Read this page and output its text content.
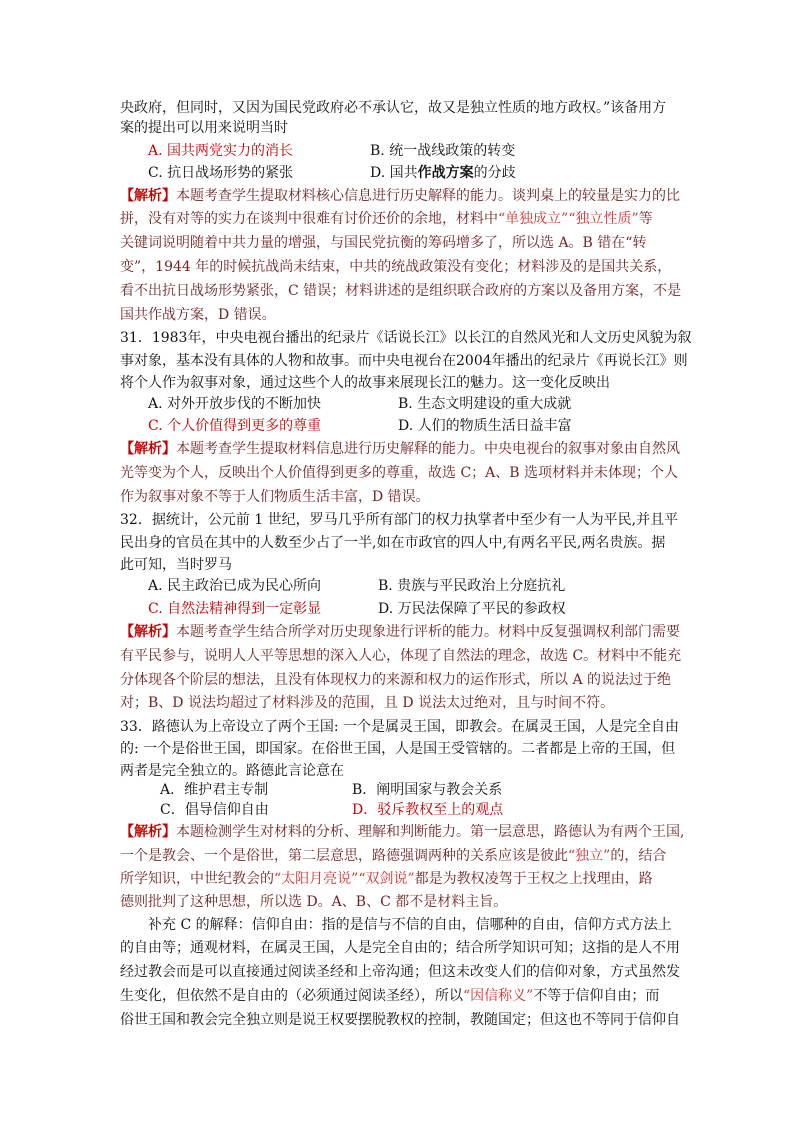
央政府，但同时，又因为国民党政府必不承认它，故又是独立性质的地方政权。”该备用方
案的提出可以用来说明当时
A. 国共两党实力的消长	B. 统一战线政策的转变
C. 抗日战场形势的紧张	D. 国共作战方案的分歧
【解析】本题考查学生提取材料核心信息进行历史解释的能力。谈判桌上的较量是实力的比
拼，没有对等的实力在谈判中很难有讨价还价的余地，材料中“单独成立”“独立性质”等
关键词说明随着中共力量的增强，与国民党抗衡的筹码增多了，所以选 A。B 错在“转
变”，1944 年的时候抗战尚未结束，中共的统战政策没有变化；材料涉及的是国共关系，
看不出抗日战场形势紧张，C 错误；材料讲述的是组织联合政府的方案以及备用方案，不是
国共作战方案，D 错误。
31．1983年，中央电视台播出的纪录片《话说长江》以长江的自然风光和人文历史风貌为叙
事对象，基本没有具体的人物和故事。而中央电视台在2004年播出的纪录片《再说长江》则
将个人作为叙事对象，通过这些个人的故事来展现长江的魅力。这一变化反映出
A. 对外开放步伐的不断加快	B. 生态文明建设的重大成就
C. 个人价值得到更多的尊重	D. 人们的物质生活日益丰富
【解析】本题考查学生提取材料信息进行历史解释的能力。中央电视台的叙事对象由自然风
光等变为个人，反映出个人价值得到更多的尊重，故选 C；A、B 选项材料并未体现；个人
作为叙事对象不等于人们物质生活丰富，D 错误。
32．据统计，公元前 1 世纪，罗马几乎所有部门的权力执掌者中至少有一人为平民,并且平
民出身的官员在其中的人数至少占了一半,如在市政官的四人中,有两名平民,两名贵族。据
此可知，当时罗马
A. 民主政治已成为民心所向	B. 贵族与平民政治上分庭抗礼
C. 自然法精神得到一定彰显	D. 万民法保障了平民的参政权
【解析】本题考查学生结合所学对历史现象进行评析的能力。材料中反复强调权利部门需要
有平民参与，说明人人平等思想的深入人心，体现了自然法的理念，故选 C。材料中不能充
分体现各个阶层的想法，且没有体现权力的来源和权力的运作形式，所以 A 的说法过于绝
对；B、D 说法均超过了材料涉及的范围，且 D 说法太过绝对，且与时间不符。
33．路德认为上帝设立了两个王国: 一个是属灵王国，即教会。在属灵王国，人是完全自由
的: 一个是俗世王国，即国家。在俗世王国，人是国王受管辖的。二者都是上帝的王国，但
两者是完全独立的。路德此言论意在
A．维护君主专制	B．阐明国家与教会关系
C．倡导信仰自由	D．驳斥教权至上的观点
【解析】本题检测学生对材料的分析、理解和判断能力。第一层意思，路德认为有两个王国,
一个是教会、一个是俗世，第二层意思，路德强调两种的关系应该是彼此“独立”的，结合
所学知识，中世纪教会的“太阳月亮说”“双剑说”都是为教权凌驾于王权之上找理由，路
德则批判了这种思想，所以选 D。A、B、C 都不是材料主旨。
补充 C 的解释：信仰自由：指的是信与不信的自由，信哪种的自由，信仰方式方法上
的自由等；通观材料，在属灵王国，人是完全自由的；结合所学知识可知；这指的是人不用
经过教会而是可以直接通过阅读圣经和上帝沟通；但这未改变人们的信仰对象，方式虽然发
生变化，但依然不是自由的（必须通过阅读圣经），所以“因信称义”不等于信仰自由；而
俗世王国和教会完全独立则是说王权要摆脱教权的控制，教随国定；但这也不等同于信仰自
